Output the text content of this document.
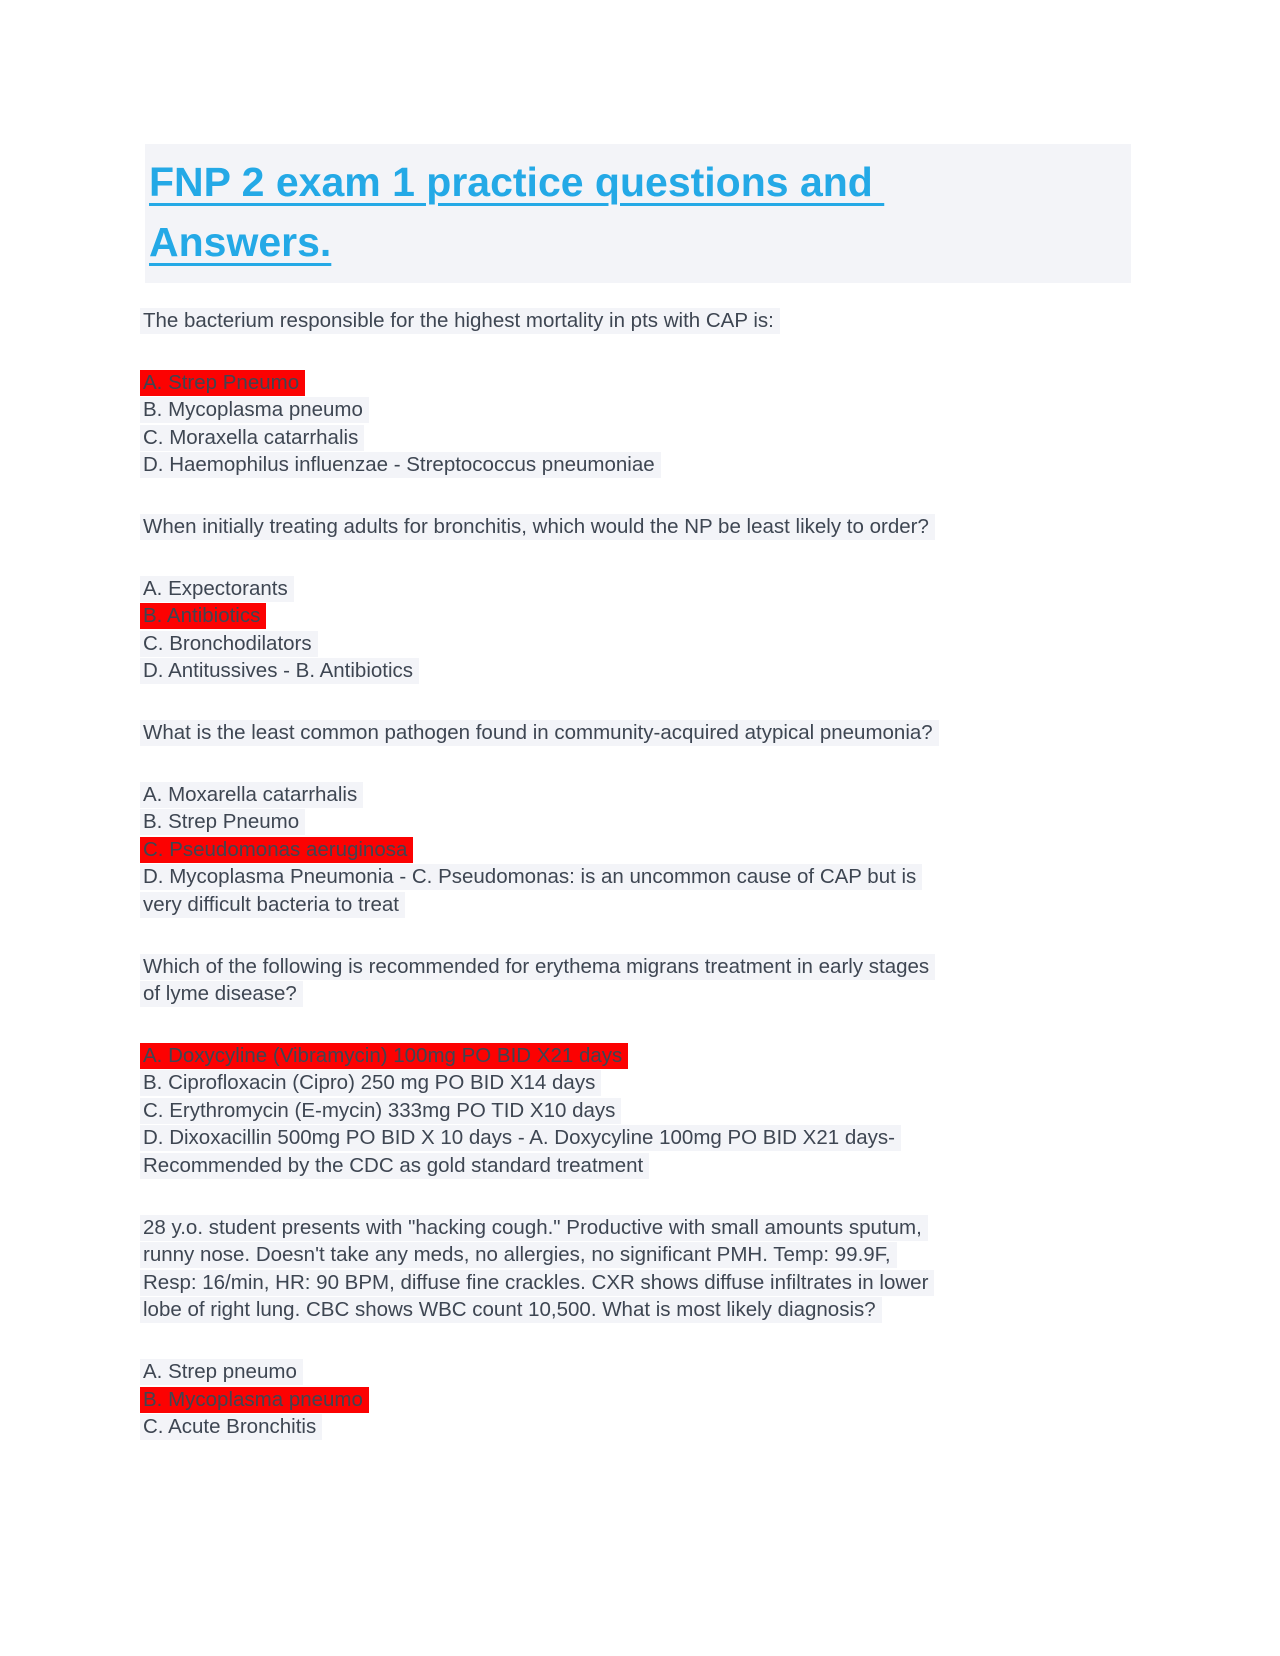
FNP 2 exam 1 practice questions and
Answers.
The bacterium responsible for the highest mortality in pts with CAP is:
A. Strep Pneumo
B. Mycoplasma pneumo
C. Moraxella catarrhalis
D. Haemophilus influenzae - Streptococcus pneumoniae
When initially treating adults for bronchitis, which would the NP be least likely to order?
A. Expectorants
B. Antibiotics
C. Bronchodilators
D. Antitussives - B. Antibiotics
What is the least common pathogen found in community-acquired atypical pneumonia?
A. Moxarella catarrhalis
B. Strep Pneumo
C. Pseudomonas aeruginosa
D. Mycoplasma Pneumonia - C. Pseudomonas: is an uncommon cause of CAP but is
very difficult bacteria to treat
Which of the following is recommended for erythema migrans treatment in early stages
of lyme disease?
A. Doxycyline (Vibramycin) 100mg PO BID X21 days
B. Ciprofloxacin (Cipro) 250 mg PO BID X14 days
C. Erythromycin (E-mycin) 333mg PO TID X10 days
D. Dixoxacillin 500mg PO BID X 10 days - A. Doxycyline 100mg PO BID X21 days-
Recommended by the CDC as gold standard treatment
28 y.o. student presents with "hacking cough." Productive with small amounts sputum,
runny nose. Doesn't take any meds, no allergies, no significant PMH. Temp: 99.9F,
Resp: 16/min, HR: 90 BPM, diffuse fine crackles. CXR shows diffuse infiltrates in lower
lobe of right lung. CBC shows WBC count 10,500. What is most likely diagnosis?
A. Strep pneumo
B. Mycoplasma pneumo
C. Acute Bronchitis
